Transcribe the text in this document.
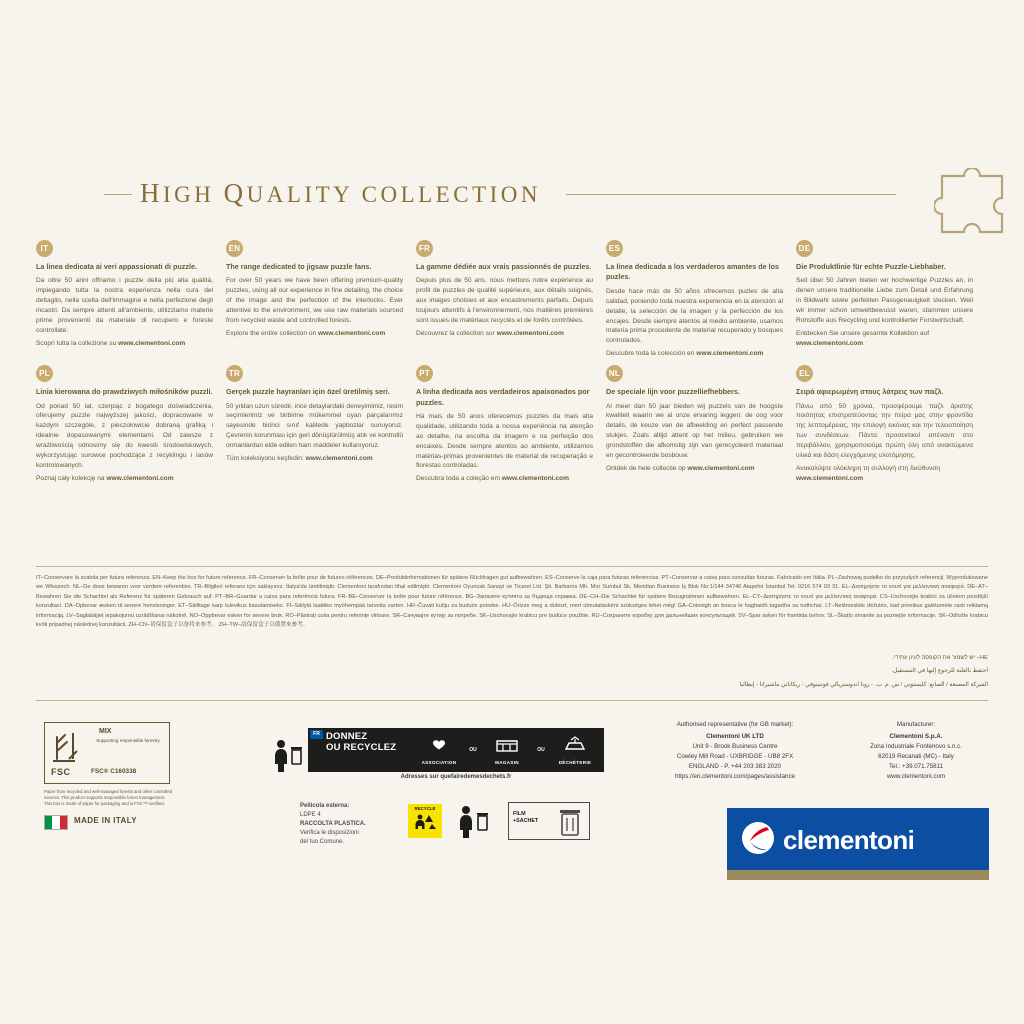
HIGH QUALITY COLLECTION
IT
La linea dedicata ai veri appassionati di puzzle.
Da oltre 50 anni offriamo i puzzle della più alta qualità, impiegando tutta la nostra esperienza nella cura del dettaglio, nella scelta dell'immagine e nella perfezione degli incastri. Da sempre attenti all'ambiente, utilizziamo materie prime provenienti da materiale di recupero e foreste controllate.
Scopri tutta la collezione su www.clementoni.com
EN
The range dedicated to jigsaw puzzle fans.
For over 50 years we have been offering premium-quality puzzles, using all our experience in fine detailing, the choice of the image and the perfection of the interlocks. Ever attentive to the environment, we use raw materials sourced from recycled waste and controlled forests.
Explore the entire collection on www.clementoni.com
FR
La gamme dédiée aux vrais passionnés de puzzles.
Depuis plus de 50 ans, nous mettons notre expérience au profit de puzzles de qualité supérieure, aux détails soignés, aux images choisies et aux encastrements parfaits. Depuis toujours attentifs à l'environnement, nos matières premières sont issues de matériaux recyclés et de forêts contrôlées.
Découvrez la collection sur www.clementoni.com
ES
La línea dedicada a los verdaderos amantes de los puzles.
Desde hace más de 50 años ofrecemos puzles de alta calidad, poniendo toda nuestra experiencia en la atención al detalle, la selección de la imagen y la perfección de los encajes. Desde siempre atentos al medio ambiente, usamos materia prima procedente de material recuperado y bosques controlados.
Descubre toda la colección en www.clementoni.com
DE
Die Produktlinie für echte Puzzle-Liebhaber.
Seit über 50 Jahren bieten wir hochwertige Puzzles an, in denen unsere traditionelle Liebe zum Detail und Erfahrung in Bildwahl sowie perfekten Passgenauigkeit stecken. Weil wir immer schon umweltbewusst waren, stammen unsere Rohstoffe aus Recycling und kontrollierter Forstwirtschaft.
Entdecken Sie unsere gesamte Kollektion auf www.clementoni.com
PL
Linia kierowana do prawdziwych miłośników puzzli.
Od ponad 50 lat, czerpiąc z bogatego doświadczenia, oferujemy puzzle najwyższej jakości, dopracowane w każdym szczególe, z pieczołowicie dobraną grafiką i idealnie dopasowanymi elementami. Od zawsze z wrażliwością odnosimy się do kwestii środowiskowych, wykorzystując surowce pochodzące z recyklingu i lasów kontrolowanych.
Poznaj cały kolekcję na www.clementoni.com
TR
Gerçek puzzle hayranları için özel üretilmiş seri.
50 yıldan uzun süredir, ince detaylardaki deneyimimiz, resim seçimlerimiz ve birbirine mükemmel uyan parçalarımız sayesinde birinci sınıf kalitede yapbozlar sunuyoruz. Çevrenin korunması için geri dönüştürülmüş atık ve kontrollü ormanlardan elde edilen ham maddeler kullanıyoruz.
Tüm koleksiyonu keşfedin: www.clementoni.com
PT
A linha dedicada aos verdadeiros apaixonados por puzzles.
Há mais de 50 anos oferecemos puzzles da mais alta qualidade, utilizando toda a nossa experiência na atenção ao detalhe, na escolha da imagem e na perfeição dos encaixes. Desde sempre atentos ao ambiente, utilizamos matérias-primas provenientes de material de recuperação e florestas controladas.
Descubra toda a coleção em www.clementoni.com
NL
De speciale lijn voor puzzelliefhebbers.
Al meer dan 50 jaar bieden wij puzzels van de hoogste kwaliteit waarin we al onze ervaring leggen: de oog voor details, de keuze van de afbeelding en perfect passende stukjes. Zoals altijd attent op het milieu, gebruiken we grondstoffen die afkomstig zijn van gerecycleerd materiaal en gecontroleerde bosbouw.
Ontdek de hele collectie op www.clementoni.com
EL
Σειρά αφιερωμένη στους λάτρεις των παζλ.
Πάνω από 50 χρόνια, προσφέρουμε παζλ άριστης ποιότητας επιστρατεύοντας την πείρα μας στην φροντίδα της λεπτομέρειας, την επιλογή εικόνας και την τελειοποίηση των συνδέσεων. Πάντα προσεκτικοί απέναντι στο περιβάλλον, χρησιμοποιούμε πρώτη ύλη από ανακτώμενα υλικά και δάση ελεγχόμενης υλοτόμησης.
Ανακαλύψτε ολόκληρη τη συλλογή στη διεύθυνση www.clementoni.com
IT–Conservare la scatola per futura referenza. EN–Keep the box for future reference. FR–Conserver la boîte pour de futures références. DE–Produktinformationen für spätere Rückfragen gut aufbewahren. ES–Conserve la caja para futuras referencias. PT–Conservar a caixa para consultas futuras. Fabricado em Itália. PL–Zachowaj pudełko do przyszłych referencji. Wyprodukowane we Włoszech. NL–De doos bewaren voor verdere referenties. TR–Bilgileri referans için saklayınız. İtalya'da üretilmiştir. Clementoni tarafından ithal edilmiştir. Clementoni Oyuncak Sanayi ve Ticaret Ltd. Şti. Barbaros Mh. Mor Sumbul Sk. Meridian Business İş Blok No:1/144 34746 Ataşehir İstanbul Tel: 0216 574 93 31. EL–Διατηρήστε το κουτί για μελλοντική αναφορά. DE–AT–Bewahren Sie die Schachtel als Referenz für späteren Gebrauch auf. PT–BR–Guardar a caixa para referência futura. FR–BE–Conserver la boîte pour future référence. BG–Запазете кутията за бъдеща справка. DE–CH–Die Schachtel für spätere Bezugnahmen aufbewahren. EL–CY–Διατηρήστε το κουτί για μελλοντική αναφορά. CS–Uschovejte krabici za účelem pozdější konzultací. DA–Opbevar æsken til senere henvisninger. ET–Säilitage karp tulevikus kasutamiseks. FI–Säilytä laatikko myöhempää tarvetta varten. HR–Čuvati kutiju za buduće potrebe. HU–Őrizze meg a dobozt, mert útmutatásként szükséges lehet még! GA–Coinnigh an bosca le haghaidh tagartha sa todhchaí. LT–Neišmeskite dėžutės, kad prireikus galėtumėte rasti reikiamą informaciją. LV–Saglabājiet iepakojumu uzrādīšanai nākotnē. NO–Oppbevar esken for senere bruk. RO–Păstrați cutia pentru referințe viitoare. SR–Сачувајте кутију за потребе. SK–Uschovajte krabicu pre budúce použitie. RU–Сохраните коробку для дальнейших консультаций. SV–Spar asken för framtida behov. SL–Škatlo shranite za poznejše informacije. SK–Odložte krabicu kvôli prípadnej následnej konzultácii. ZH–CN–请保留盒子以备将来参考。 ZH–TW–請保留盒子以備將來參考。
HE– יש לשמור את הקופסה לעיון עתידי.
احتفظ بالعلبة للرجوع إليها في المستقبل.
الشركة المصنعة / الصانع: كليمنتوني / ش. م. ب. - زونا اندوستريالي فونتينوفي - ريكاناتي ماشيراتا - إيطاليا
MIX
Supporting responsible forestry
FSC	FSC® C160338
Paper from recycled and well-managed forests and other controlled sources. This product supports responsible forest management. This box is made of paper for packaging and is FSC™-certified.
MADE IN ITALY
FR DONNEZ
OU RECYCLEZ
ASSOCIATION
OU
MAGASIN
OU
DÉCHÈTERIE
Adresses sur quefairedemesdechets.fr
Pellicola esterna:
LDPE 4
RACCOLTA PLASTICA.
Verifica le disposizioni
del tuo Comune.
RECYCLE
FILM
+SACHET
Authorised representative (for GB market):
Clementoni UK LTD
Unit 9 - Brook Business Centre
Cowley Mill Road - UXBRIDGE - UB8 2FX
ENGLAND - P. +44 203 383 2020
https://en.clementoni.com/pages/assistance
Manufacturer:
Clementoni S.p.A.
Zona Industriale Fontenovo s.n.c.
62019 Recanati (MC) - Italy
Tel.: +39.071.75811
www.clementoni.com
clementoni
